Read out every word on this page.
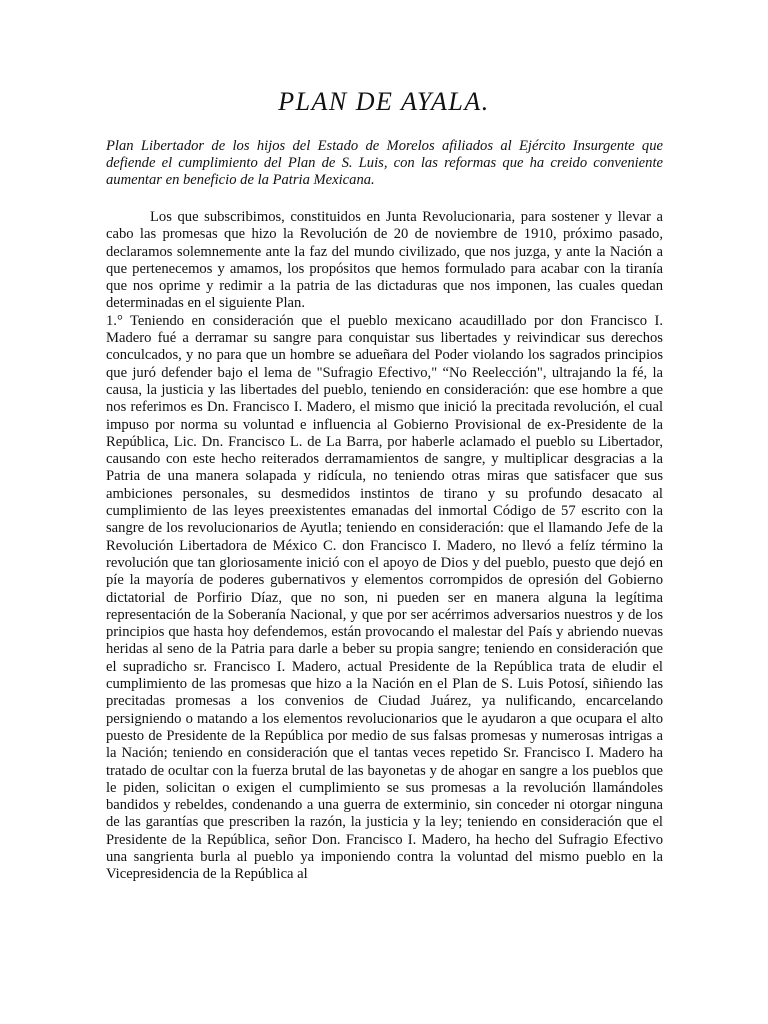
PLAN DE AYALA.

Plan Libertador de los hijos del Estado de Morelos afiliados al Ejército Insurgente que defiende el cumplimiento del Plan de S. Luis, con las reformas que ha creido conveniente aumentar en beneficio de la Patria Mexicana.

Los que subscribimos, constituidos en Junta Revolucionaria, para sostener y llevar a cabo las promesas que hizo la Revolución de 20 de noviembre de 1910, próximo pasado, declaramos solemnemente ante la faz del mundo civilizado, que nos juzga, y ante la Nación a que pertenecemos y amamos, los propósitos que hemos formulado para acabar con la tiranía que nos oprime y redimir a la patria de las dictaduras que nos imponen, las cuales quedan determinadas en el siguiente Plan.

1.° Teniendo en consideración que el pueblo mexicano acaudillado por don Francisco I. Madero fué a derramar su sangre para conquistar sus libertades y reivindicar sus derechos conculcados, y no para que un hombre se adueñara del Poder violando los sagrados principios que juró defender bajo el lema de "Sufragio Efectivo," “No Reelección", ultrajando la fé, la causa, la justicia y las libertades del pueblo, teniendo en consideración: que ese hombre a que nos referimos es Dn. Francisco I. Madero, el mismo que inició la precitada revolución, el cual impuso por norma su voluntad e influencia al Gobierno Provisional de ex-Presidente de la República, Lic. Dn. Francisco L. de La Barra, por haberle aclamado el pueblo su Libertador, causando con este hecho reiterados derramamientos de sangre, y multiplicar desgracias a la Patria de una manera solapada y ridícula, no teniendo otras miras que satisfacer que sus ambiciones personales, su desmedidos instintos de tirano y su profundo desacato al cumplimiento de las leyes preexistentes emanadas del inmortal Código de 57 escrito con la sangre de los revolucionarios de Ayutla; teniendo en consideración: que el llamando Jefe de la Revolución Libertadora de México C. don Francisco I. Madero, no llevó a felíz término la revolución que tan gloriosamente inició con el apoyo de Dios y del pueblo, puesto que dejó en píe la mayoría de poderes gubernativos y elementos corrompidos de opresión del Gobierno dictatorial de Porfirio Díaz, que no son, ni pueden ser en manera alguna la legítima representación de la Soberanía Nacional, y que por ser acérrimos adversarios nuestros y de los principios que hasta hoy defendemos, están provocando el malestar del País y abriendo nuevas heridas al seno de la Patria para darle a beber su propia sangre; teniendo en consideración que el supradicho sr. Francisco I. Madero, actual Presidente de la República trata de eludir el cumplimiento de las promesas que hizo a la Nación en el Plan de S. Luis Potosí, siñiendo las precitadas promesas a los convenios de Ciudad Juárez, ya nulificando, encarcelando persigniendo o matando a los elementos revolucionarios que le ayudaron a que ocupara el alto puesto de Presidente de la República por medio de sus falsas promesas y numerosas intrigas a la Nación; teniendo en consideración que el tantas veces repetido Sr. Francisco I. Madero ha tratado de ocultar con la fuerza brutal de las bayonetas y de ahogar en sangre a los pueblos que le piden, solicitan o exigen el cumplimiento se sus promesas a la revolución llamándoles bandidos y rebeldes, condenando a una guerra de exterminio, sin conceder ni otorgar ninguna de las garantías que prescriben la razón, la justicia y la ley; teniendo en consideración que el Presidente de la República, señor Don. Francisco I. Madero, ha hecho del Sufragio Efectivo una sangrienta burla al pueblo ya imponiendo contra la voluntad del mismo pueblo en la Vicepresidencia de la República al
